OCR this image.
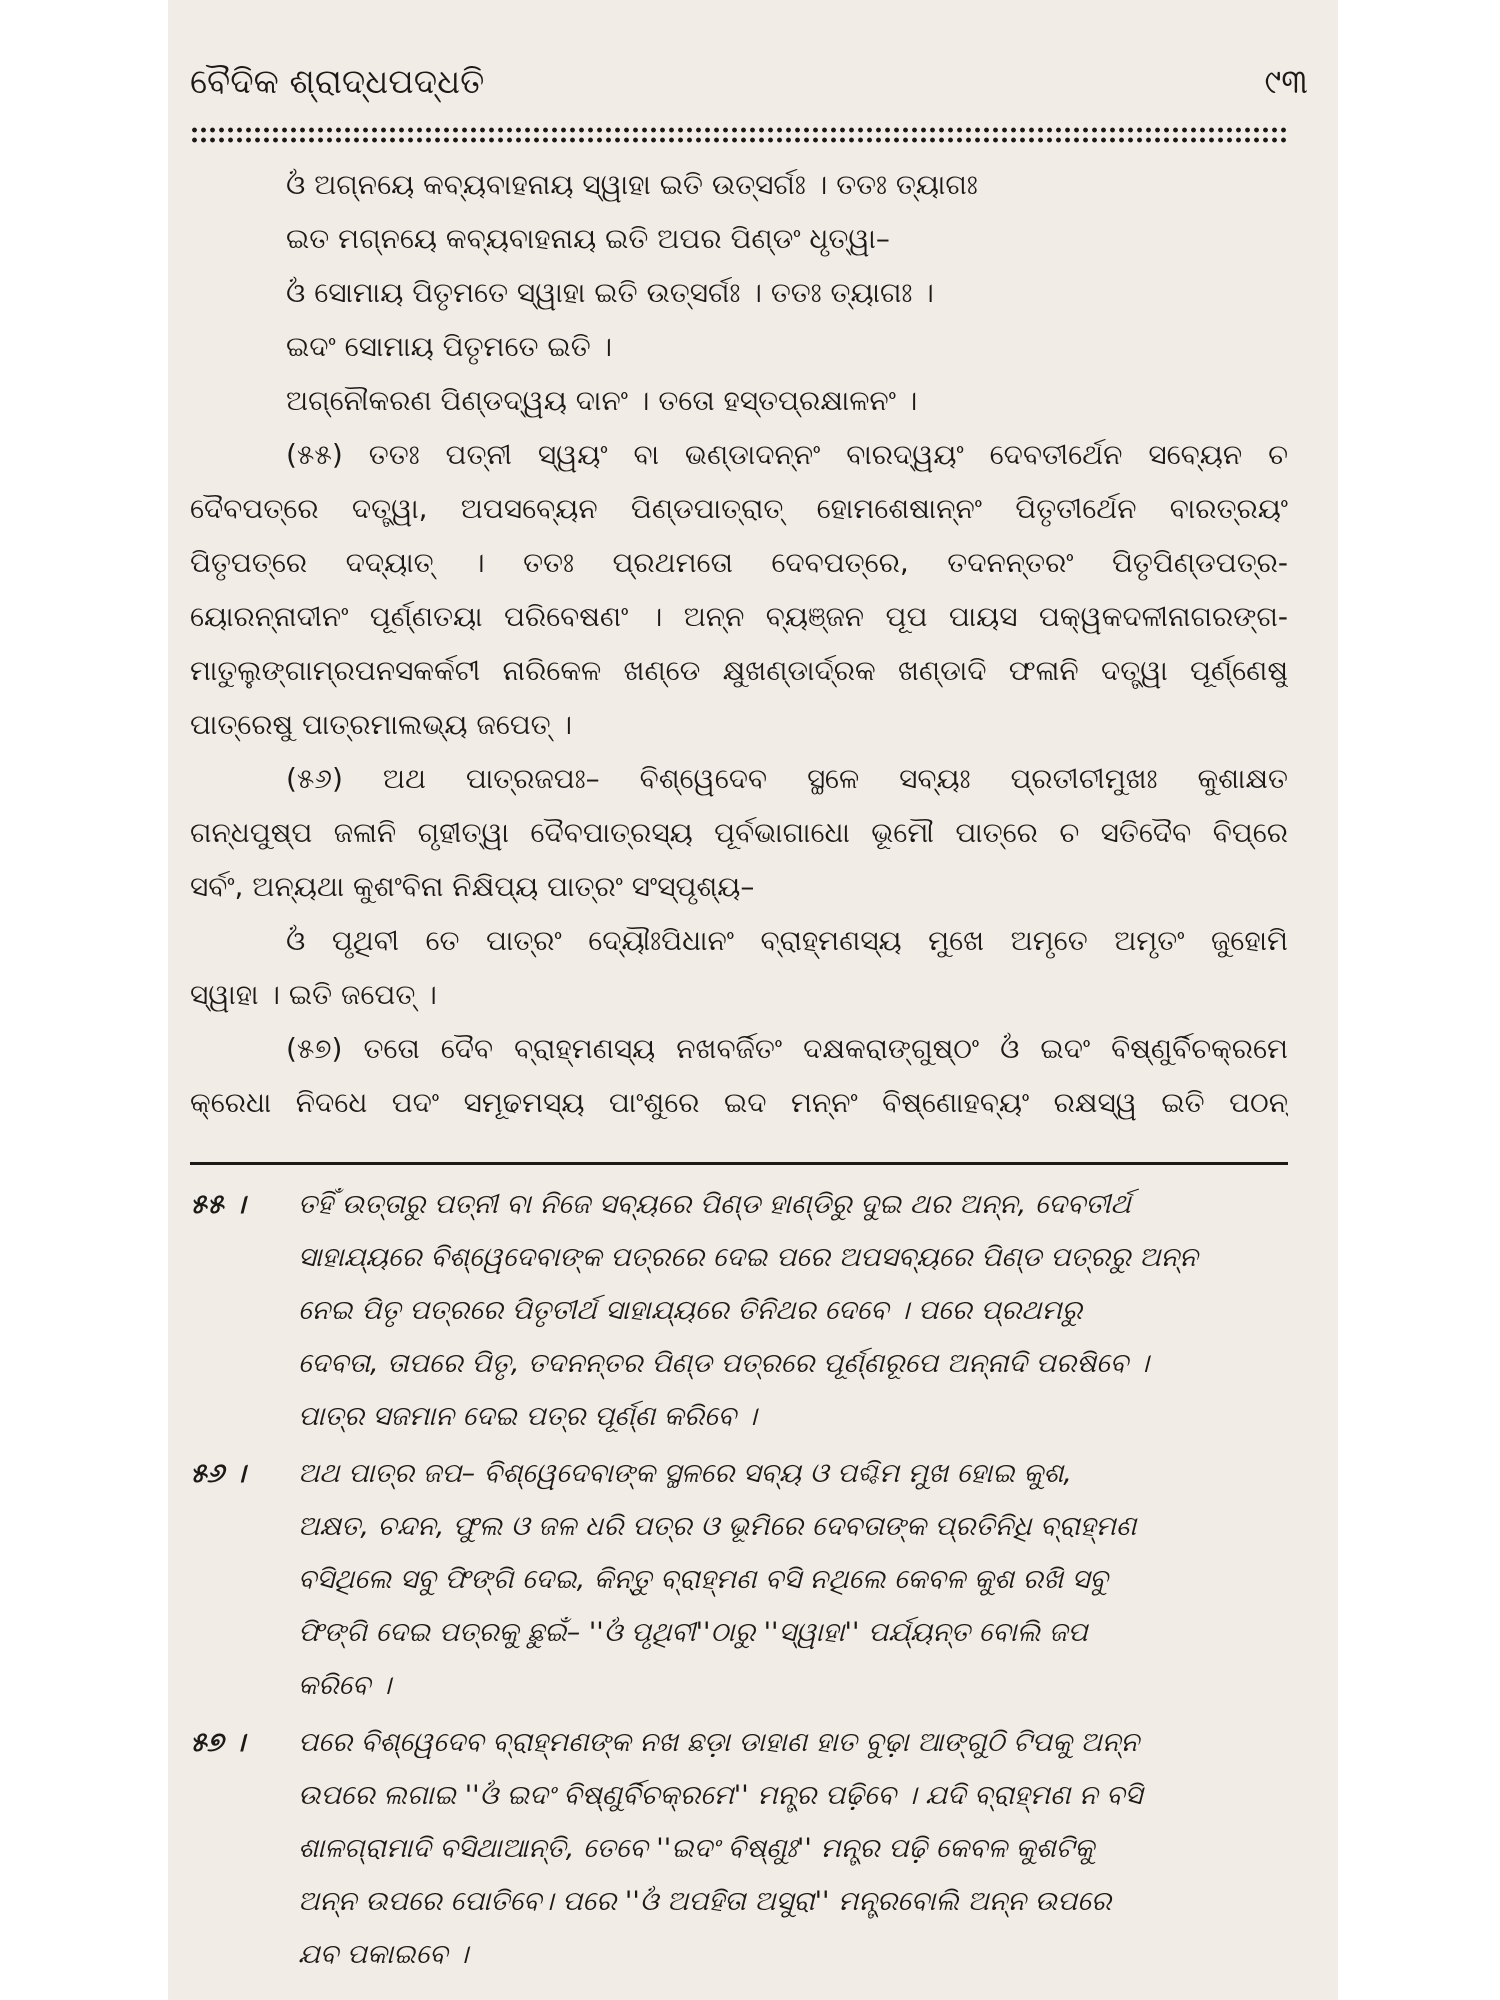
ବୈଦିକ ଶ୍ରାଦ୍ଧପଦ୍ଧତି	୯୩
ଓଁ ଅଗ୍ନୟେ କବ୍ୟବାହନାୟ ସ୍ୱାହା ଇତି ଉତ୍ସର୍ଗଃ । ତତଃ ତ୍ୟାଗଃ
ଇତ ମଗ୍ନୟେ କବ୍ୟବାହନାୟ ଇତି ଅପର ପିଣ୍ଡଂ ଧୃତ୍ୱା–
ଓଁ ସୋମାୟ ପିତୃମତେ ସ୍ୱାହା ଇତି ଉତ୍ସର୍ଗଃ । ତତଃ ତ୍ୟାଗଃ ।
ଇଦଂ ସୋମାୟ ପିତୃମତେ ଇତି ।
ଅଗ୍ନୌକରଣ ପିଣ୍ଡଦ୍ୱୟ ଦାନଂ । ତତୋ ହସ୍ତପ୍ରକ୍ଷାଳନଂ ।
(୫୫) ତତଃ ପତ୍ନୀ ସ୍ୱୟଂ ବା ଭଣ୍ଡାଦନ୍ନଂ ବାରଦ୍ୱୟଂ ଦେବତୀର୍ଥେନ ସବ୍ୟେନ ଚ
ଦୈବପତ୍ରେ ଦତ୍ତ୍ୱା, ଅପସବ୍ୟେନ ପିଣ୍ଡପାତ୍ରାତ୍ ହୋମଶେଷାନ୍ନଂ ପିତୃତୀର୍ଥେନ ବାରତ୍ରୟଂ
ପିତୃପତ୍ରେ ଦଦ୍ୟାତ୍ । ତତଃ ପ୍ରଥମତୋ ଦେବପତ୍ରେ, ତଦନନ୍ତରଂ ପିତୃପିଣ୍ଡପତ୍ର-
ୟୋରନ୍ନାଦୀନଂ ପୂର୍ଣ୍ଣତୟା ପରିବେଷଣଂ । ଅନ୍ନ ବ୍ୟଞ୍ଜନ ପୂପ ପାୟସ ପକ୍ୱକଦଳୀନାଗରଙ୍ଗ-
ମାତୁଲୁଙ୍ଗାମ୍ରପନସକର୍କଟୀ ନାରିକେଳ ଖଣ୍ଡେ କ୍ଷୁଖଣ୍ଡାର୍ଦ୍ରକ ଖଣ୍ଡାଦି ଫଳାନି ଦତ୍ତ୍ୱା ପୂର୍ଣ୍ଣେଷୁ
ପାତ୍ରେଷୁ ପାତ୍ରମାଲଭ୍ୟ ଜପେତ୍ ।
(୫୬) ଅଥ ପାତ୍ରଜପଃ– ବିଶ୍ୱେଦେବ ସ୍ଥଳେ ସବ୍ୟଃ ପ୍ରତୀଚୀମୁଖଃ କୁଶାକ୍ଷତ
ଗନ୍ଧପୁଷ୍ପ ଜଳାନି ଗୃହୀତ୍ୱା ଦୈବପାତ୍ରସ୍ୟ ପୂର୍ବଭାଗାଧୋ ଭୂମୌ ପାତ୍ରେ ଚ ସତିଦୈବ ବିପ୍ରେ
ସର୍ବଂ, ଅନ୍ୟଥା କୁଶଂବିନା ନିକ୍ଷିପ୍ୟ ପାତ୍ରଂ ସଂସ୍ପୃଶ୍ୟ–
ଓଁ ପୃଥିବୀ ତେ ପାତ୍ରଂ ଦ୍ୟୌଃପିଧାନଂ ବ୍ରାହ୍ମଣସ୍ୟ ମୁଖେ ଅମୃତେ ଅମୃତଂ ଜୁହୋମି
ସ୍ୱାହା । ଇତି ଜପେତ୍ ।
(୫୭) ତତୋ ଦୈବ ବ୍ରାହ୍ମଣସ୍ୟ ନଖବର୍ଜିତଂ ଦକ୍ଷକରାଙ୍ଗୁଷ୍ଠଂ ଓଁ ଇଦଂ ବିଷ୍ଣୁର୍ବିଚକ୍ରମେ
କ୍ରେଧା ନିଦଧେ ପଦଂ ସମୂଢମସ୍ୟ ପାଂଶୁରେ ଇଦ ମନ୍ନଂ ବିଷ୍ଣୋହବ୍ୟଂ ରକ୍ଷସ୍ୱ ଇତି ପଠନ୍
୫୫ ।	ତହିଁ ଉତ୍ତାରୁ ପତ୍ନୀ ବା ନିଜେ ସବ୍ୟରେ ପିଣ୍ଡ ହାଣ୍ଡିରୁ ଦୁଇ ଥର ଅନ୍ନ, ଦେବତୀର୍ଥ
ସାହାଯ୍ୟରେ ବିଶ୍ୱେଦେବାଙ୍କ ପତ୍ରରେ ଦେଇ ପରେ ଅପସବ୍ୟରେ ପିଣ୍ଡ ପତ୍ରରୁ ଅନ୍ନ
ନେଇ ପିତୃ ପତ୍ରରେ ପିତୃତୀର୍ଥ ସାହାଯ୍ୟରେ ତିନିଥର ଦେବେ । ପରେ ପ୍ରଥମରୁ
ଦେବତା, ତାପରେ ପିତୃ, ତଦନନ୍ତର ପିଣ୍ଡ ପତ୍ରରେ ପୂର୍ଣ୍ଣରୂପେ ଅନ୍ନାଦି ପରଷିବେ ।
ପାତ୍ର ସଜମାନ ଦେଇ ପତ୍ର ପୂର୍ଣ୍ଣ କରିବେ ।
୫୬ ।	ଅଥ ପାତ୍ର ଜପ– ବିଶ୍ୱେଦେବାଙ୍କ ସ୍ଥଳରେ ସବ୍ୟ ଓ ପଶ୍ଚିମ ମୁଖ ହୋଇ କୁଶ,
ଅକ୍ଷତ, ଚନ୍ଦନ, ଫୁଲ ଓ ଜଳ ଧରି ପତ୍ର ଓ ଭୂମିରେ ଦେବତାଙ୍କ ପ୍ରତିନିଧି ବ୍ରାହ୍ମଣ
ବସିଥିଲେ ସବୁ ଫିଙ୍ଗି ଦେଇ, କିନ୍ତୁ ବ୍ରାହ୍ମଣ ବସି ନଥିଲେ କେବଳ କୁଶ ରଖି ସବୁ
ଫିଙ୍ଗି ଦେଇ ପତ୍ରକୁ ଛୁଇଁ– ''ଓଁ ପୃଥିବୀ''ଠାରୁ ''ସ୍ୱାହା'' ପର୍ଯ୍ୟନ୍ତ ବୋଲି ଜପ
କରିବେ ।
୫୭ ।	ପରେ ବିଶ୍ୱେଦେବ ବ୍ରାହ୍ମଣଙ୍କ ନଖ ଛଡ଼ା ଡାହାଣ ହାତ ବୁଢ଼ା ଆଙ୍ଗୁଠି ଟିପକୁ ଅନ୍ନ
ଉପରେ ଲଗାଇ ''ଓଁ ଇଦଂ ବିଷ୍ଣୁର୍ବିଚକ୍ରମେ'' ମନ୍ତ୍ର ପଢ଼ିବେ । ଯଦି ବ୍ରାହ୍ମଣ ନ ବସି
ଶାଳଗ୍ରାମାଦି ବସିଥାଆନ୍ତି, ତେବେ ''ଇଦଂ ବିଷ୍ଣୁଃ'' ମନ୍ତ୍ର ପଢ଼ି କେବଳ କୁଶଟିକୁ
ଅନ୍ନ ଉପରେ ପୋତିବେ। ପରେ ''ଓଁ ଅପହିତା ଅସୁରା'' ମନ୍ତ୍ରବୋଲି ଅନ୍ନ ଉପରେ
ଯବ ପକାଇବେ ।
